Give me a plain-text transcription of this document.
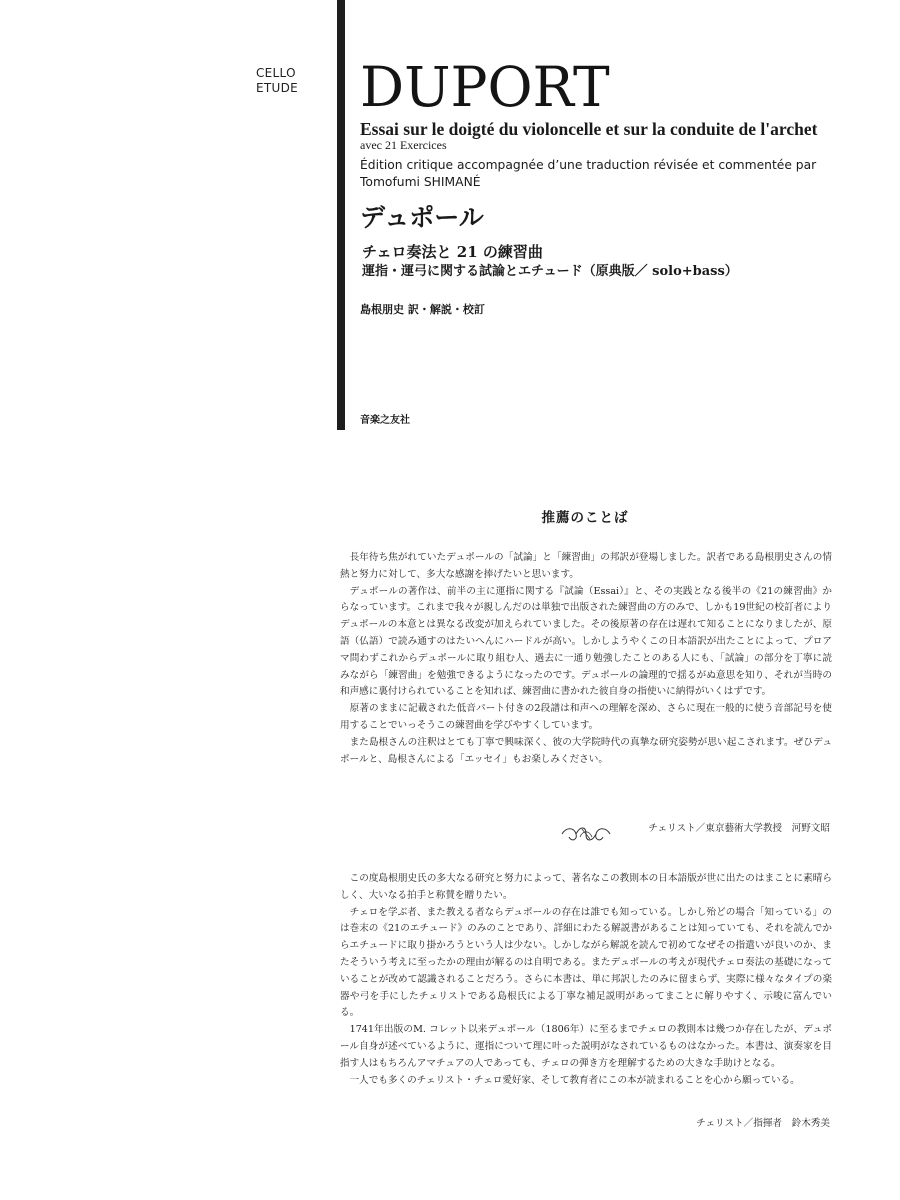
CELLO
ETUDE	DUPORT
Essai sur le doigté du violoncelle et sur la conduite de l'archet
avec 21 Exercices
Édition critique accompagnée d’une traduction révisée et commentée par
Tomofumi SHIMANÉ
デュポール
チェロ奏法と 21 の練習曲
運指・運弓に関する試論とエチュード（原典版／ solo+bass）
島根朋史 訳・解説・校訂
音楽之友社
推薦のことば

長年待ち焦がれていたデュポールの「試論」と「練習曲」の邦訳が登場しました。訳者である島根朋史さんの情熱と努力に対して、多大な感謝を捧げたいと思います。

デュポールの著作は、前半の主に運指に関する『試論（Essai）』と、その実践となる後半の《21の練習曲》からなっています。これまで我々が親しんだのは単独で出版された練習曲の方のみで、しかも19世紀の校訂者によりデュポールの本意とは異なる改変が加えられていました。その後原著の存在は遅れて知ることになりましたが、原語（仏語）で読み通すのはたいへんにハードルが高い。しかしようやくこの日本語訳が出たことによって、プロアマ問わずこれからデュポールに取り組む人、過去に一通り勉強したことのある人にも、「試論」の部分を丁寧に読みながら「練習曲」を勉強できるようになったのです。デュポールの論理的で揺るがぬ意思を知り、それが当時の和声感に裏付けられていることを知れば、練習曲に書かれた彼自身の指使いに納得がいくはずです。

原著のままに記載された低音パート付きの2段譜は和声への理解を深め、さらに現在一般的に使う音部記号を使用することでいっそうこの練習曲を学びやすくしています。

また島根さんの注釈はとても丁寧で興味深く、彼の大学院時代の真摯な研究姿勢が思い起こされます。ぜひデュポールと、島根さんによる「エッセイ」もお楽しみください。

チェリスト／東京藝術大学教授　河野文昭

この度島根朋史氏の多大なる研究と努力によって、著名なこの教則本の日本語版が世に出たのはまことに素晴らしく、大いなる拍手と称賛を贈りたい。

チェロを学ぶ者、また教える者ならデュポールの存在は誰でも知っている。しかし殆どの場合「知っている」のは巻末の《21のエチュード》のみのことであり、詳細にわたる解説書があることは知っていても、それを読んでからエチュードに取り掛かろうという人は少ない。しかしながら解説を読んで初めてなぜその指遣いが良いのか、またそういう考えに至ったかの理由が解るのは自明である。またデュポールの考えが現代チェロ奏法の基礎になっていることが改めて認識されることだろう。さらに本書は、単に邦訳したのみに留まらず、実際に様々なタイプの楽器や弓を手にしたチェリストである島根氏による丁寧な補足説明があってまことに解りやすく、示唆に富んでいる。

1741年出版のM. コレット以来デュポール（1806年）に至るまでチェロの教則本は幾つか存在したが、デュポール自身が述べているように、運指について理に叶った説明がなされているものはなかった。本書は、演奏家を目指す人はもちろんアマチュアの人であっても、チェロの弾き方を理解するための大きな手助けとなる。

一人でも多くのチェリスト・チェロ愛好家、そして教育者にこの本が読まれることを心から願っている。

チェリスト／指揮者　鈴木秀美
